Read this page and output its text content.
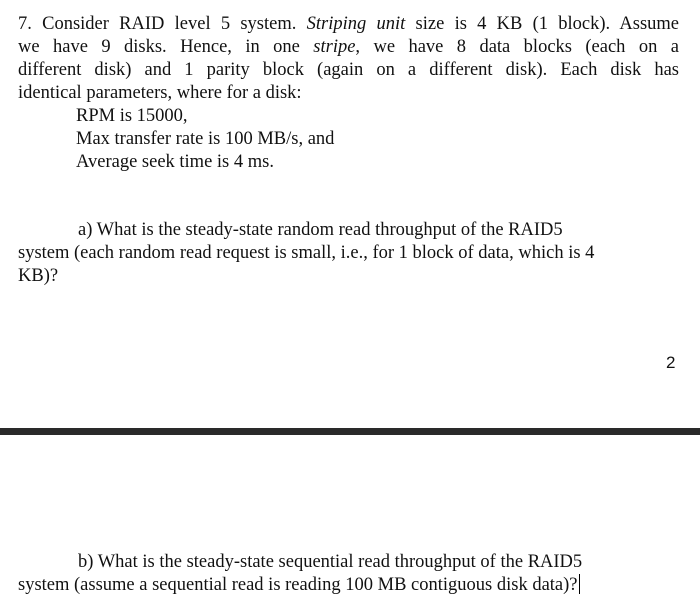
7. Consider RAID level 5 system. Striping unit size is 4 KB (1 block). Assume
we have 9 disks. Hence, in one stripe, we have 8 data blocks (each on a
different disk) and 1 parity block (again on a different disk). Each disk has
identical parameters, where for a disk:
RPM is 15000,
Max transfer rate is 100 MB/s, and
Average seek time is 4 ms.
a) What is the steady-state random read throughput of the RAID5
system (each random read request is small, i.e., for 1 block of data, which is 4
KB)?
2
b) What is the steady-state sequential read throughput of the RAID5
system (assume a sequential read is reading 100 MB contiguous disk data)?
